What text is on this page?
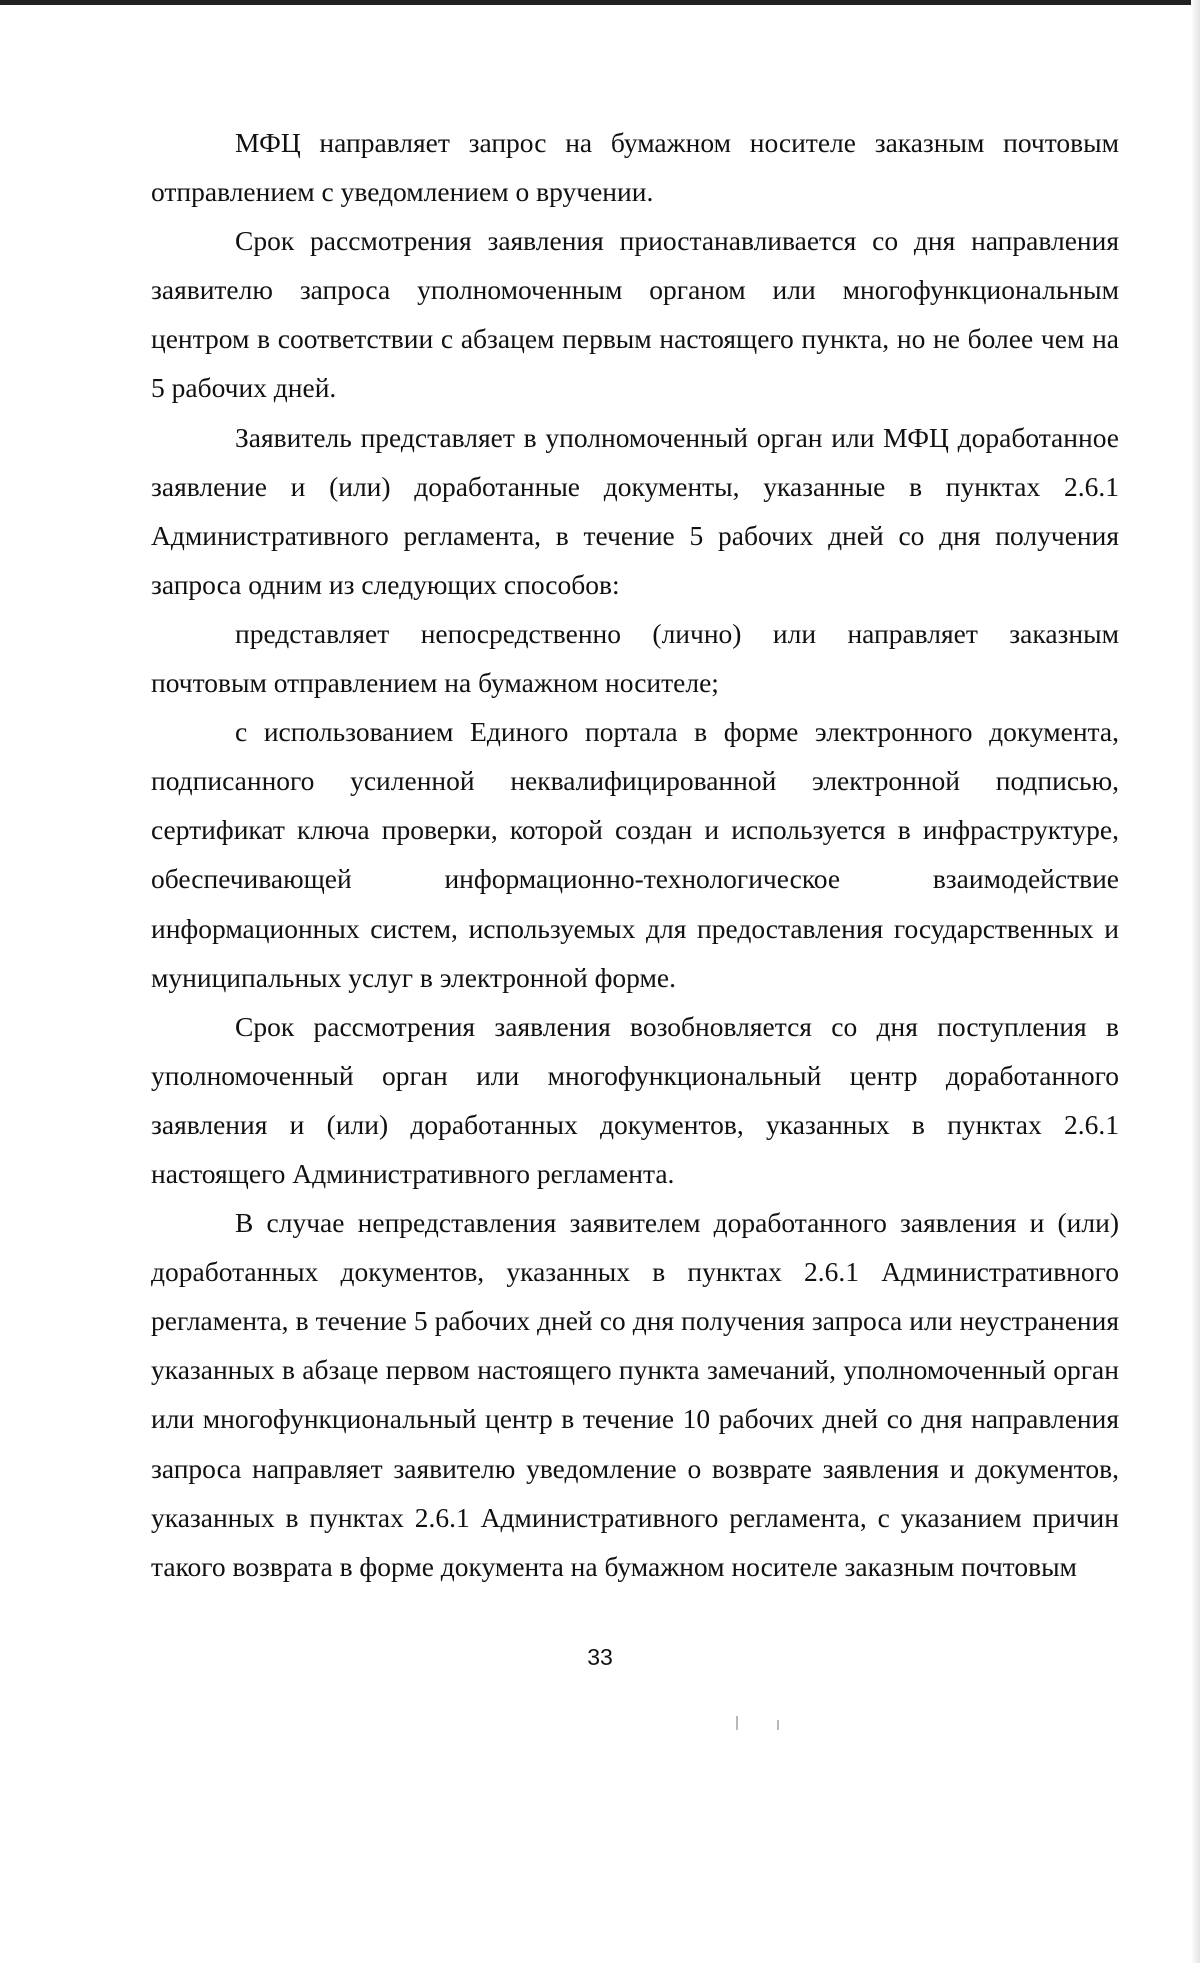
МФЦ направляет запрос на бумажном носителе заказным почтовым отправлением с уведомлением о вручении.

Срок рассмотрения заявления приостанавливается со дня направления заявителю запроса уполномоченным органом или многофункциональным центром в соответствии с абзацем первым настоящего пункта, но не более чем на 5 рабочих дней.

Заявитель представляет в уполномоченный орган или МФЦ доработанное заявление и (или) доработанные документы, указанные в пунктах 2.6.1 Административного регламента, в течение 5 рабочих дней со дня получения запроса одним из следующих способов:

представляет непосредственно (лично) или направляет заказным почтовым отправлением на бумажном носителе;

с использованием Единого портала в форме электронного документа, подписанного усиленной неквалифицированной электронной подписью, сертификат ключа проверки, которой создан и используется в инфраструктуре, обеспечивающей информационно-технологическое взаимодействие информационных систем, используемых для предоставления государственных и муниципальных услуг в электронной форме.

Срок рассмотрения заявления возобновляется со дня поступления в уполномоченный орган или многофункциональный центр доработанного заявления и (или) доработанных документов, указанных в пунктах 2.6.1 настоящего Административного регламента.

В случае непредставления заявителем доработанного заявления и (или) доработанных документов, указанных в пунктах 2.6.1 Административного регламента, в течение 5 рабочих дней со дня получения запроса или неустранения указанных в абзаце первом настоящего пункта замечаний, уполномоченный орган или многофункциональный центр в течение 10 рабочих дней со дня направления запроса направляет заявителю уведомление о возврате заявления и документов, указанных в пунктах 2.6.1 Административного регламента, с указанием причин такого возврата в форме документа на бумажном носителе заказным почтовым

33
